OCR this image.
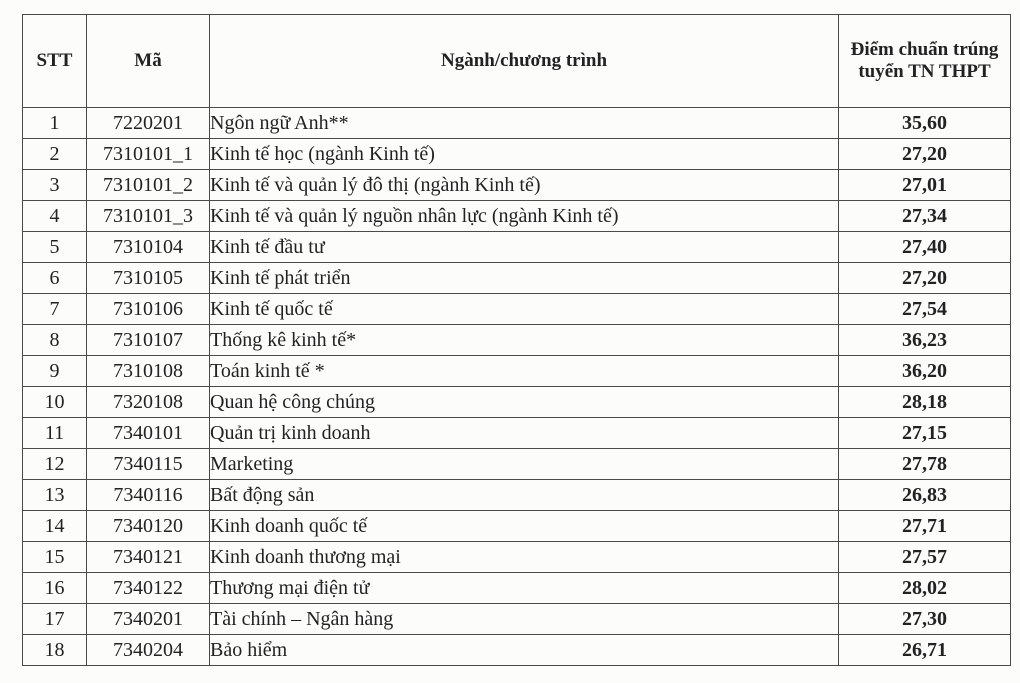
STT	Mã	Ngành/chương trình	Điểm chuẩn trúng tuyển TN THPT
1	7220201	Ngôn ngữ Anh**	35,60
2	7310101_1	Kinh tế học (ngành Kinh tế)	27,20
3	7310101_2	Kinh tế và quản lý đô thị (ngành Kinh tế)	27,01
4	7310101_3	Kinh tế và quản lý nguồn nhân lực (ngành Kinh tế)	27,34
5	7310104	Kinh tế đầu tư	27,40
6	7310105	Kinh tế phát triển	27,20
7	7310106	Kinh tế quốc tế	27,54
8	7310107	Thống kê kinh tế*	36,23
9	7310108	Toán kinh tế *	36,20
10	7320108	Quan hệ công chúng	28,18
11	7340101	Quản trị kinh doanh	27,15
12	7340115	Marketing	27,78
13	7340116	Bất động sản	26,83
14	7340120	Kinh doanh quốc tế	27,71
15	7340121	Kinh doanh thương mại	27,57
16	7340122	Thương mại điện tử	28,02
17	7340201	Tài chính – Ngân hàng	27,30
18	7340204	Bảo hiểm	26,71
